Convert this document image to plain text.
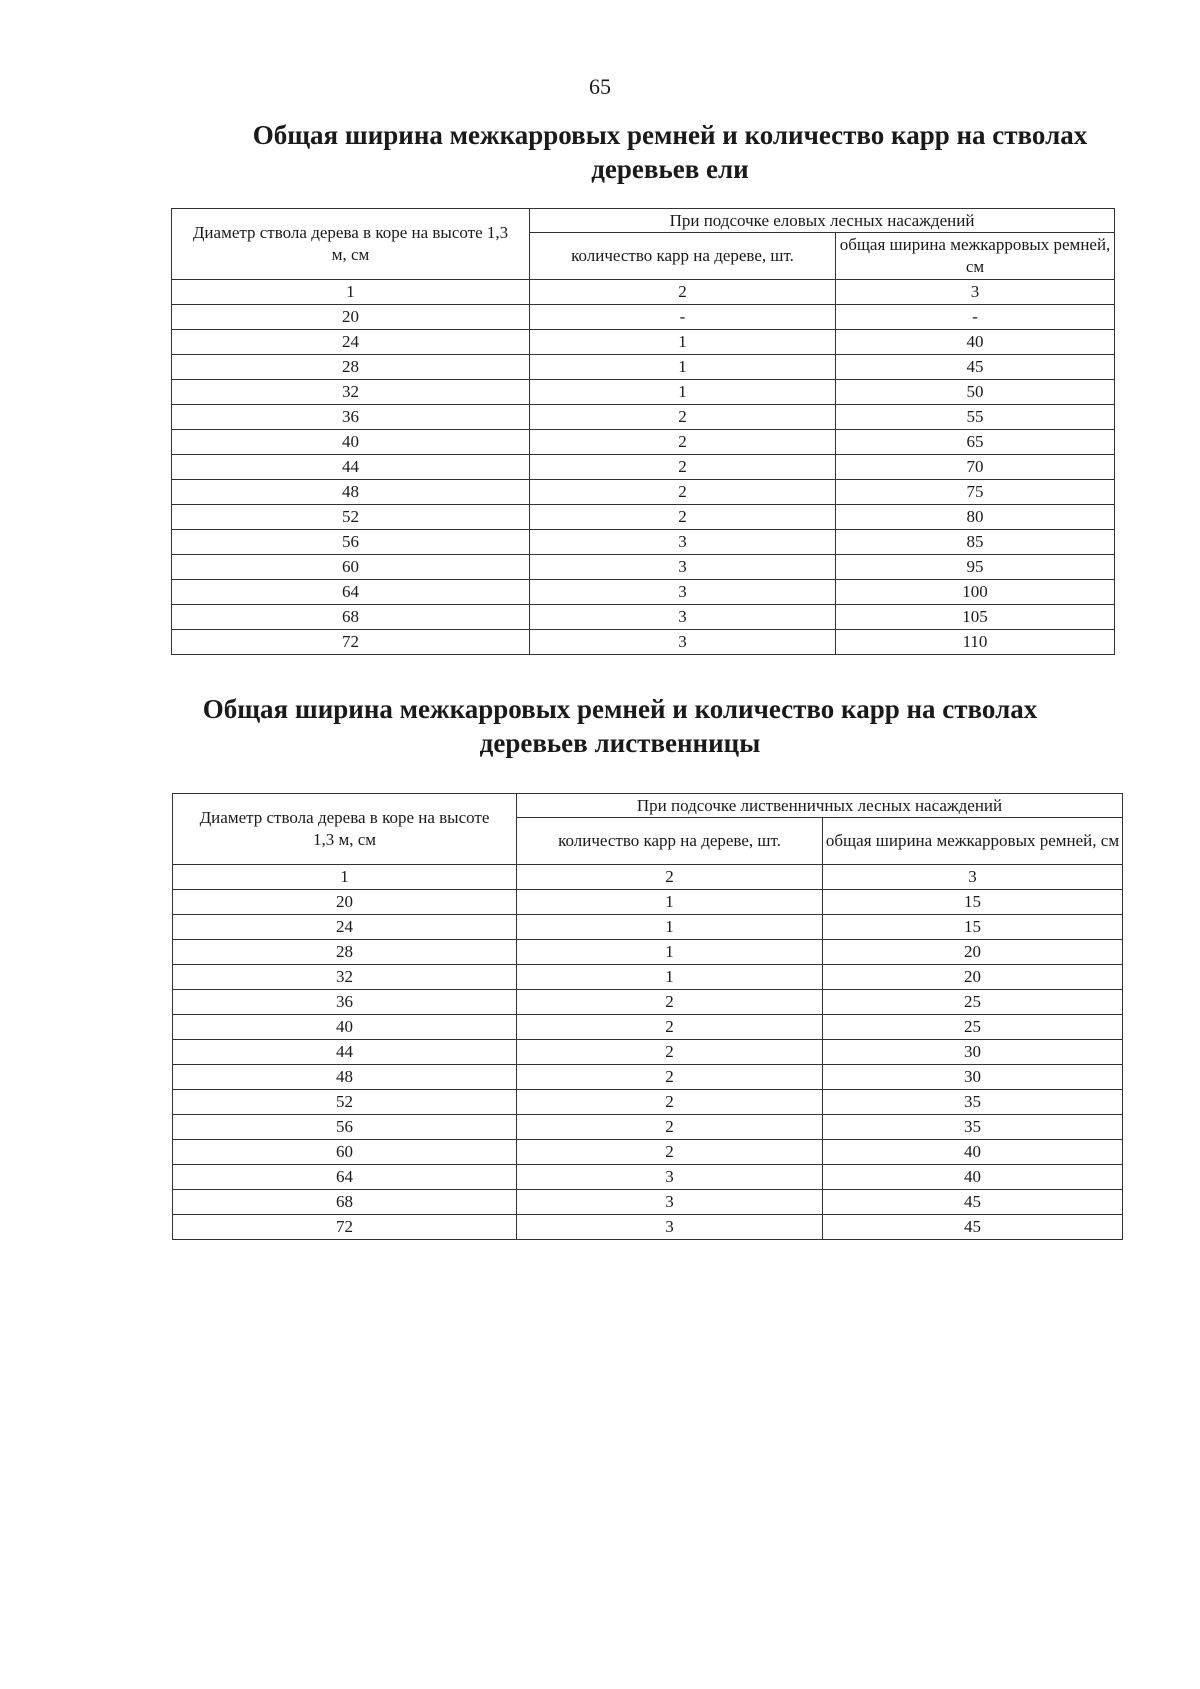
65
Общая ширина межкарровых ремней и количество карр на стволах деревьев ели
Диаметр ствола дерева в коре на высоте 1,3 м, см	При подсочке еловых лесных насаждений	
	количество карр на дереве, шт.	общая ширина межкарровых ремней, см
1	2	3
20	-	-
24	1	40
28	1	45
32	1	50
36	2	55
40	2	65
44	2	70
48	2	75
52	2	80
56	3	85
60	3	95
64	3	100
68	3	105
72	3	110
Общая ширина межкарровых ремней и количество карр на стволах деревьев лиственницы
Диаметр ствола дерева в коре на высоте 1,3 м, см	При подсочке лиственничных лесных насаждений	
	количество карр на дереве, шт.	общая ширина межкарровых ремней, см
1	2	3
20	1	15
24	1	15
28	1	20
32	1	20
36	2	25
40	2	25
44	2	30
48	2	30
52	2	35
56	2	35
60	2	40
64	3	40
68	3	45
72	3	45
